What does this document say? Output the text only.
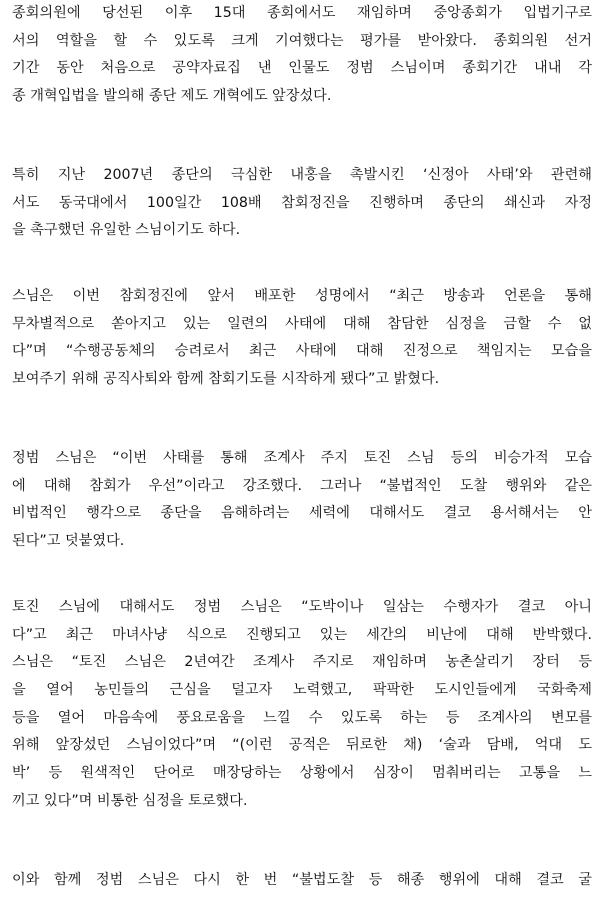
종회의원에 당선된 이후 15대 종회에서도 재임하며 중앙종회가 입법기구로
서의 역할을 할 수 있도록 크게 기여했다는 평가를 받아왔다. 종회의원 선거
기간 동안 처음으로 공약자료집 낸 인물도 정범 스님이며 종회기간 내내 각
종 개혁입법을 발의해 종단 제도 개혁에도 앞장섰다.
특히 지난 2007년 종단의 극심한 내홍을 촉발시킨 ‘신정아 사태’와 관련해
서도 동국대에서 100일간 108배 참회정진을 진행하며 종단의 쇄신과 자정
을 촉구했던 유일한 스님이기도 하다.
스님은 이번 참회정진에 앞서 배포한 성명에서 “최근 방송과 언론을 통해
무차별적으로 쏟아지고 있는 일련의 사태에 대해 참담한 심정을 금할 수 없
다”며 “수행공동체의 승려로서 최근 사태에 대해 진정으로 책임지는 모습을
보여주기 위해 공직사퇴와 함께 참회기도를 시작하게 됐다”고 밝혔다.
정범 스님은 “이번 사태를 통해 조계사 주지 토진 스님 등의 비승가적 모습
에 대해 참회가 우선”이라고 강조했다. 그러나 “불법적인 도찰 행위와 같은
비법적인 행각으로 종단을 음해하려는 세력에 대해서도 결코 용서해서는 안
된다”고 덧붙였다.
토진 스님에 대해서도 정범 스님은 “도박이나 일삼는 수행자가 결코 아니
다”고 최근 마녀사냥 식으로 진행되고 있는 세간의 비난에 대해 반박했다.
스님은 “토진 스님은 2년여간 조계사 주지로 재임하며 농촌살리기 장터 등
을 열어 농민들의 근심을 덜고자 노력했고, 팍팍한 도시인들에게 국화축제
등을 열어 마음속에 풍요로움을 느낄 수 있도록 하는 등 조계사의 변모를
위해 앞장섰던 스님이었다”며 “(이런 공적은 뒤로한 채) ‘술과 담배, 억대 도
박’ 등 원색적인 단어로 매장당하는 상황에서 심장이 멈춰버리는 고통을 느
끼고 있다”며 비통한 심정을 토로했다.
이와 함께 정범 스님은 다시 한 번 “불법도찰 등 해종 행위에 대해 결코 굴
